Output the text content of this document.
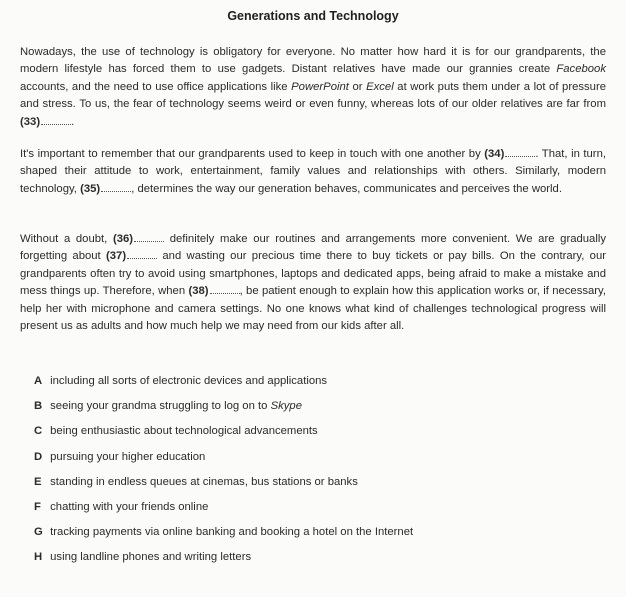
Generations and Technology
Nowadays, the use of technology is obligatory for everyone. No matter how hard it is for our grandparents, the modern lifestyle has forced them to use gadgets. Distant relatives have made our grannies create Facebook accounts, and the need to use office applications like PowerPoint or Excel at work puts them under a lot of pressure and stress. To us, the fear of technology seems weird or even funny, whereas lots of our older relatives are far from (33)	.
It's important to remember that our grandparents used to keep in touch with one another by (34)	. That, in turn, shaped their attitude to work, entertainment, family values and relationships with others. Similarly, modern technology, (35)	, determines the way our generation behaves, communicates and perceives the world.
Without a doubt, (36)	definitely make our routines and arrangements more convenient. We are gradually forgetting about (37)	and wasting our precious time there to buy tickets or pay bills. On the contrary, our grandparents often try to avoid using smartphones, laptops and dedicated apps, being afraid to make a mistake and mess things up. Therefore, when (38)	, be patient enough to explain how this application works or, if necessary, help her with microphone and camera settings. No one knows what kind of challenges technological progress will present us as adults and how much help we may need from our kids after all.
A including all sorts of electronic devices and applications
B seeing your grandma struggling to log on to Skype
C being enthusiastic about technological advancements
D pursuing your higher education
E standing in endless queues at cinemas, bus stations or banks
F chatting with your friends online
G tracking payments via online banking and booking a hotel on the Internet
H using landline phones and writing letters
